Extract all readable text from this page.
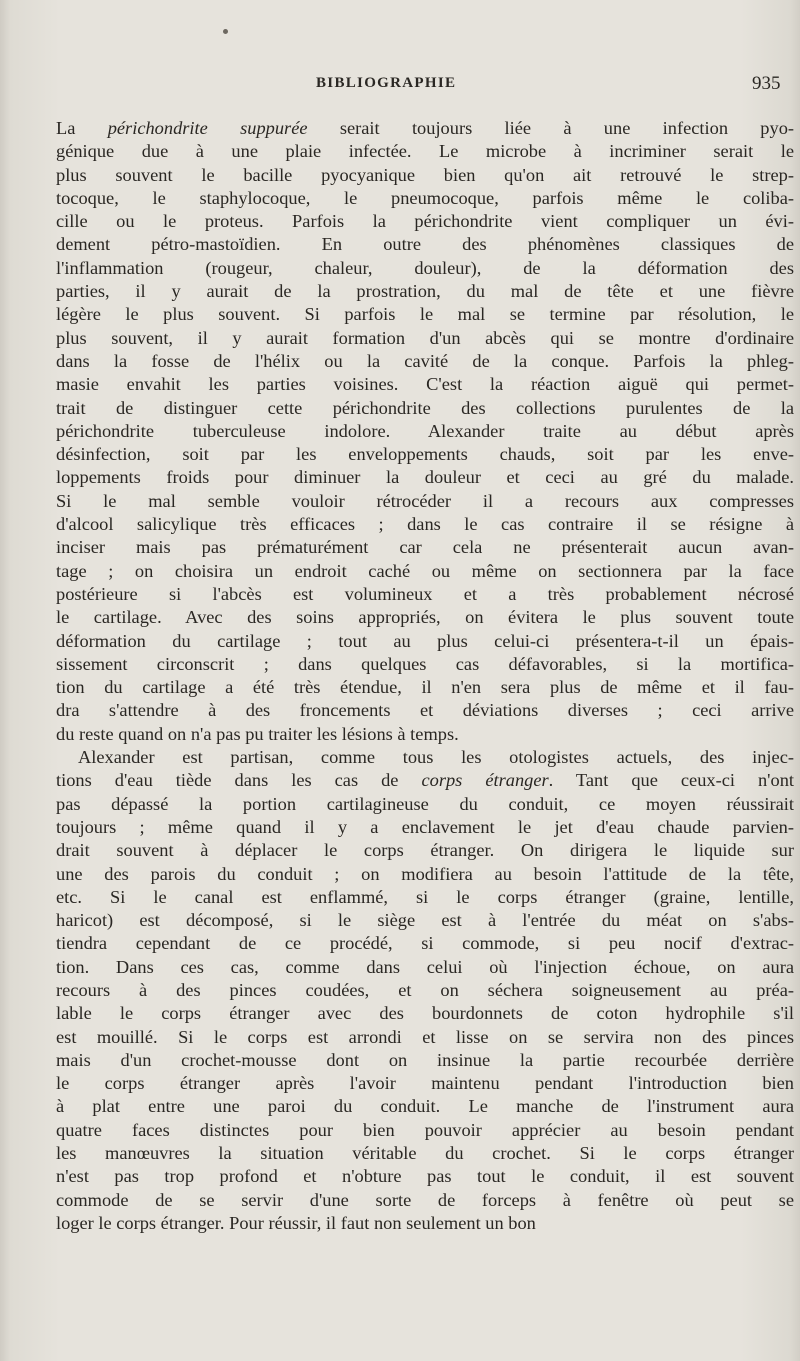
BIBLIOGRAPHIE	935
La périchondrite suppurée serait toujours liée à une infection pyo-
génique due à une plaie infectée. Le microbe à incriminer serait le
plus souvent le bacille pyocyanique bien qu'on ait retrouvé le strep-
tocoque, le staphylocoque, le pneumocoque, parfois même le coliba-
cille ou le proteus. Parfois la périchondrite vient compliquer un évi-
dement pétro-mastoïdien. En outre des phénomènes classiques de
l'inflammation (rougeur, chaleur, douleur), de la déformation des
parties, il y aurait de la prostration, du mal de tête et une fièvre
légère le plus souvent. Si parfois le mal se termine par résolution, le
plus souvent, il y aurait formation d'un abcès qui se montre d'ordinaire
dans la fosse de l'hélix ou la cavité de la conque. Parfois la phleg-
masie envahit les parties voisines. C'est la réaction aiguë qui permet-
trait de distinguer cette périchondrite des collections purulentes de la
périchondrite tuberculeuse indolore. Alexander traite au début après
désinfection, soit par les enveloppements chauds, soit par les enve-
loppements froids pour diminuer la douleur et ceci au gré du malade.
Si le mal semble vouloir rétrocéder il a recours aux compresses
d'alcool salicylique très efficaces ; dans le cas contraire il se résigne à
inciser mais pas prématurément car cela ne présenterait aucun avan-
tage ; on choisira un endroit caché ou même on sectionnera par la face
postérieure si l'abcès est volumineux et a très probablement nécrosé
le cartilage. Avec des soins appropriés, on évitera le plus souvent toute
déformation du cartilage ; tout au plus celui-ci présentera-t-il un épais-
sissement circonscrit ; dans quelques cas défavorables, si la mortifica-
tion du cartilage a été très étendue, il n'en sera plus de même et il fau-
dra s'attendre à des froncements et déviations diverses ; ceci arrive
du reste quand on n'a pas pu traiter les lésions à temps.
Alexander est partisan, comme tous les otologistes actuels, des injec-
tions d'eau tiède dans les cas de corps étranger. Tant que ceux-ci n'ont
pas dépassé la portion cartilagineuse du conduit, ce moyen réussirait
toujours ; même quand il y a enclavement le jet d'eau chaude parvien-
drait souvent à déplacer le corps étranger. On dirigera le liquide sur
une des parois du conduit ; on modifiera au besoin l'attitude de la tête,
etc. Si le canal est enflammé, si le corps étranger (graine, lentille,
haricot) est décomposé, si le siège est à l'entrée du méat on s'abs-
tiendra cependant de ce procédé, si commode, si peu nocif d'extrac-
tion. Dans ces cas, comme dans celui où l'injection échoue, on aura
recours à des pinces coudées, et on séchera soigneusement au préa-
lable le corps étranger avec des bourdonnets de coton hydrophile s'il
est mouillé. Si le corps est arrondi et lisse on se servira non des pinces
mais d'un crochet-mousse dont on insinue la partie recourbée derrière
le corps étranger après l'avoir maintenu pendant l'introduction bien
à plat entre une paroi du conduit. Le manche de l'instrument aura
quatre faces distinctes pour bien pouvoir apprécier au besoin pendant
les manœuvres la situation véritable du crochet. Si le corps étranger
n'est pas trop profond et n'obture pas tout le conduit, il est souvent
commode de se servir d'une sorte de forceps à fenêtre où peut se
loger le corps étranger. Pour réussir, il faut non seulement un bon
